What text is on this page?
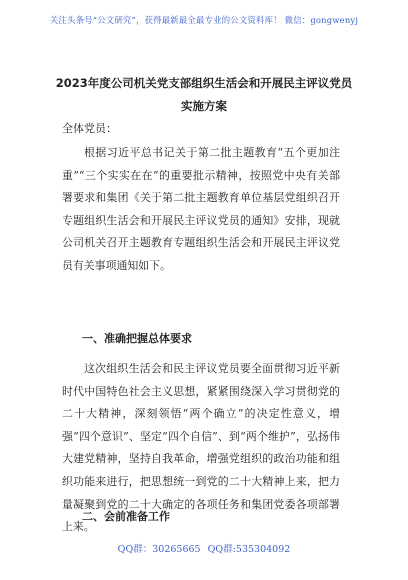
关注头条号“公文研究”，获得最新最全最专业的公文资料库！ 微信：gongwenyj
2023年度公司机关党支部组织生活会和开展民主评议党员
实施方案
全体党员：
根据习近平总书记关于第二批主题教育“五个更加注重”“三个实实在在”的重要批示精神，按照党中央有关部署要求和集团《关于第二批主题教育单位基层党组织召开专题组织生活会和开展民主评议党员的通知》安排，现就公司机关召开主题教育专题组织生活会和开展民主评议党员有关事项通知如下。
一、准确把握总体要求
这次组织生活会和民主评议党员要全面贯彻习近平新时代中国特色社会主义思想，紧紧围绕深入学习贯彻党的二十大精神，深刻领悟“两个确立”的决定性意义，增强“四个意识”、坚定“四个自信”、到“两个维护”，弘扬伟大建党精神，坚持自我革命，增强党组织的政治功能和组织功能来进行，把思想统一到党的二十大精神上来，把力量凝聚到党的二十大确定的各项任务和集团党委各项部署上来。
二、会前准备工作
QQ群：30265665 QQ群:535304092
